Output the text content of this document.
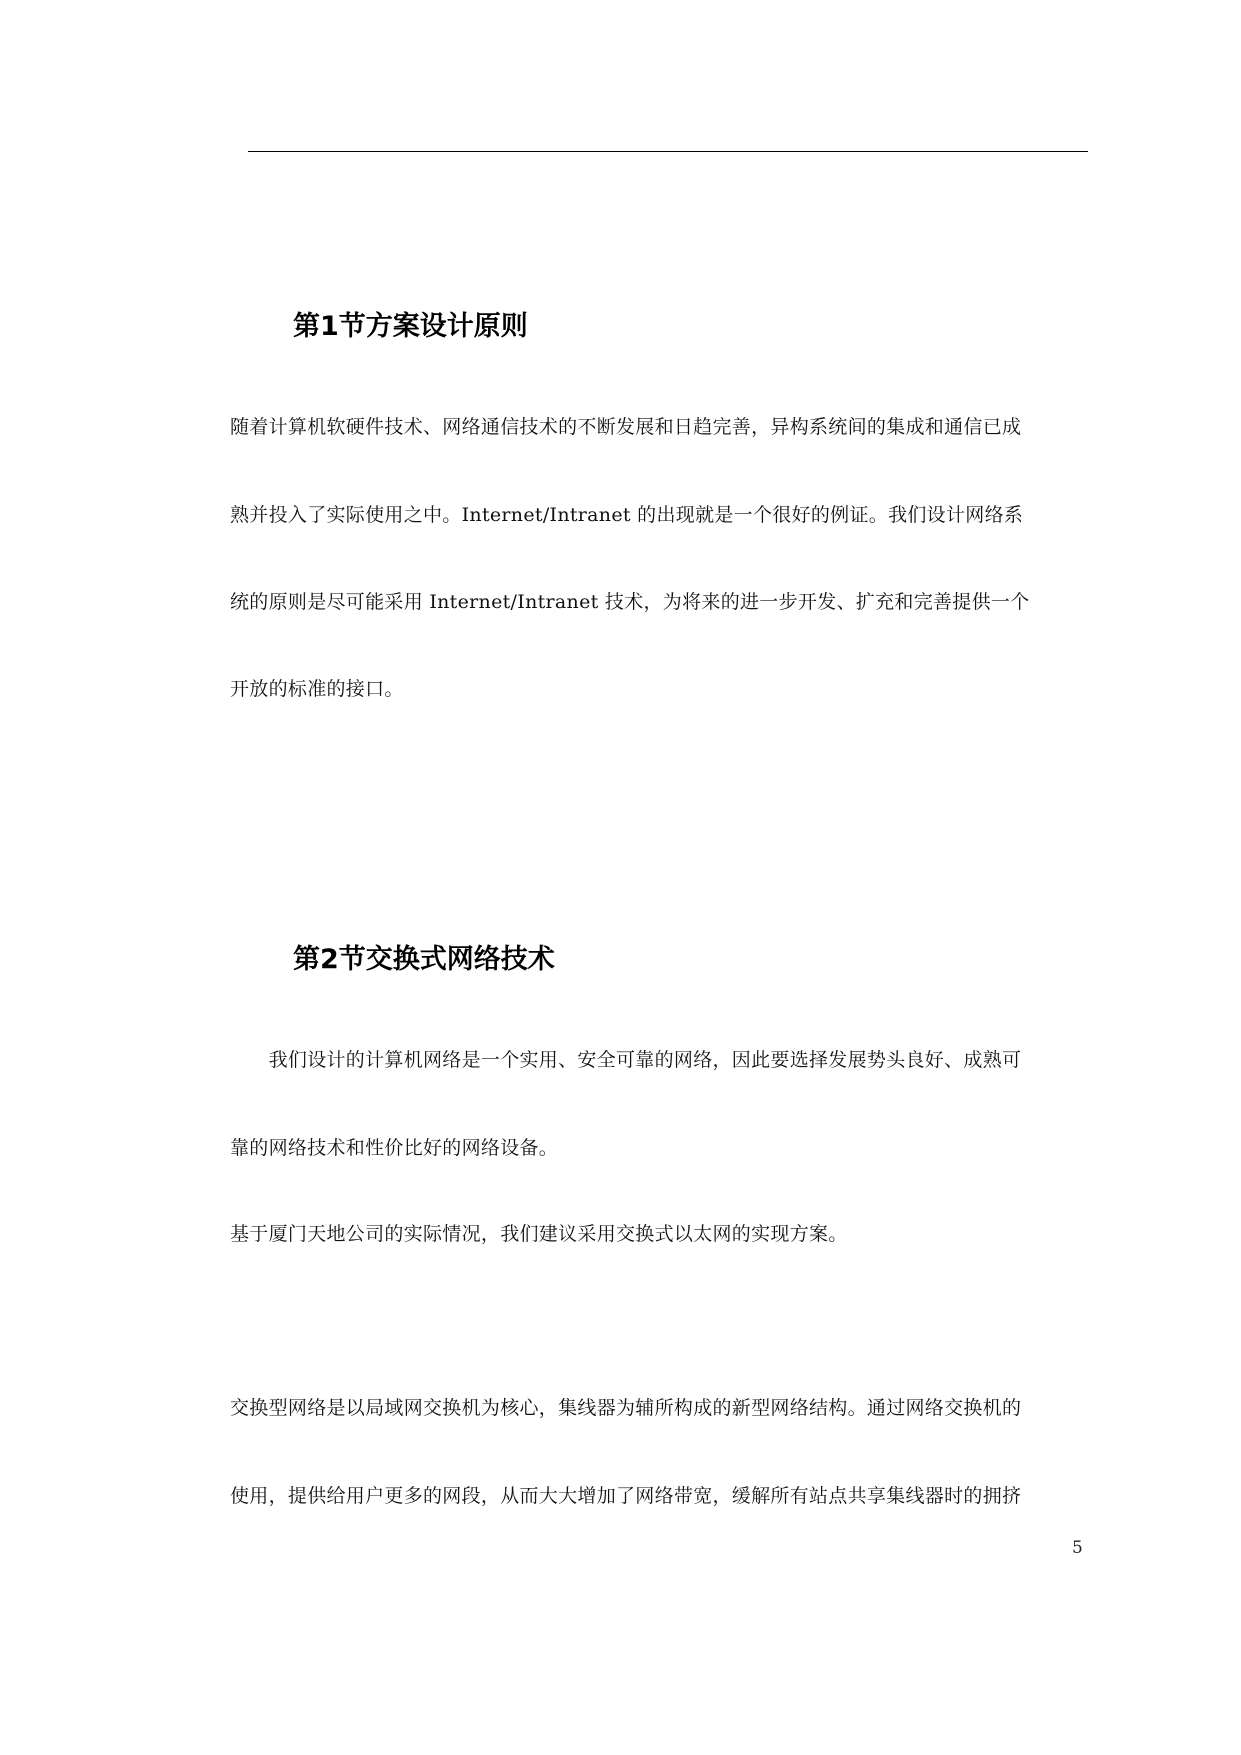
第1节方案设计原则
随着计算机软硬件技术、网络通信技术的不断发展和日趋完善，异构系统间的集成和通信已成
熟并投入了实际使用之中。Internet/Intranet 的出现就是一个很好的例证。我们设计网络系
统的原则是尽可能采用 Internet/Intranet 技术，为将来的进一步开发、扩充和完善提供一个
开放的标准的接口。
第2节交换式网络技术
　　我们设计的计算机网络是一个实用、安全可靠的网络，因此要选择发展势头良好、成熟可
靠的网络技术和性价比好的网络设备。
基于厦门天地公司的实际情况，我们建议采用交换式以太网的实现方案。
交换型网络是以局域网交换机为核心，集线器为辅所构成的新型网络结构。通过网络交换机的
使用，提供给用户更多的网段，从而大大增加了网络带宽，缓解所有站点共享集线器时的拥挤
5
